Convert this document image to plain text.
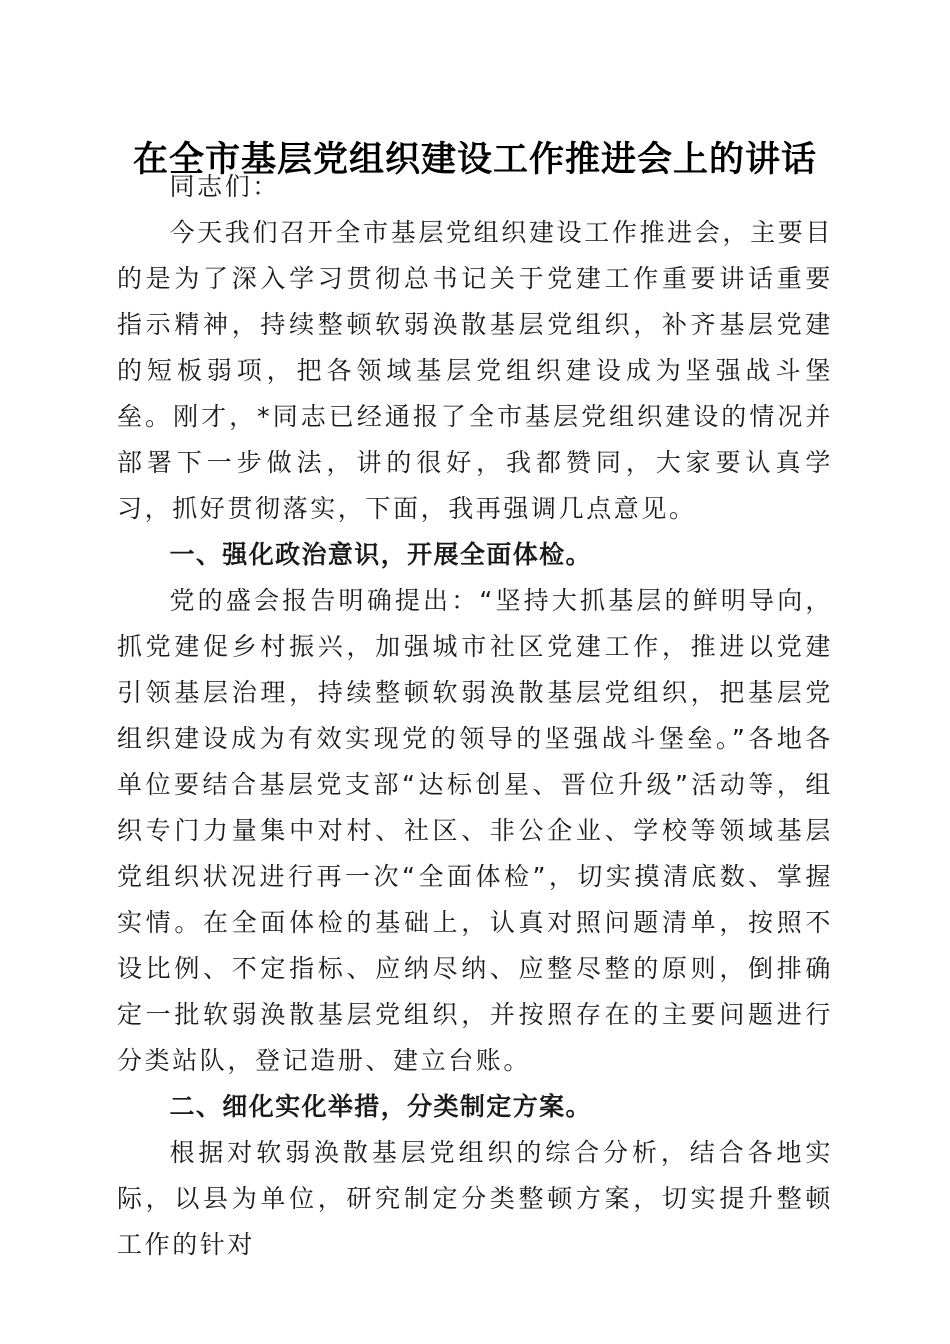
在全市基层党组织建设工作推进会上的讲话

同志们：

今天我们召开全市基层党组织建设工作推进会，主要目的是为了深入学习贯彻总书记关于党建工作重要讲话重要指示精神，持续整顿软弱涣散基层党组织，补齐基层党建的短板弱项，把各领域基层党组织建设成为坚强战斗堡垒。刚才，*同志已经通报了全市基层党组织建设的情况并部署下一步做法，讲的很好，我都赞同，大家要认真学习，抓好贯彻落实，下面，我再强调几点意见。

一、强化政治意识，开展全面体检。

党的盛会报告明确提出：“坚持大抓基层的鲜明导向，抓党建促乡村振兴，加强城市社区党建工作，推进以党建引领基层治理，持续整顿软弱涣散基层党组织，把基层党组织建设成为有效实现党的领导的坚强战斗堡垒。”各地各单位要结合基层党支部“达标创星、晋位升级”活动等，组织专门力量集中对村、社区、非公企业、学校等领域基层党组织状况进行再一次“全面体检”，切实摸清底数、掌握实情。在全面体检的基础上，认真对照问题清单，按照不设比例、不定指标、应纳尽纳、应整尽整的原则，倒排确定一批软弱涣散基层党组织，并按照存在的主要问题进行分类站队，登记造册、建立台账。

二、细化实化举措，分类制定方案。

根据对软弱涣散基层党组织的综合分析，结合各地实际，以县为单位，研究制定分类整顿方案，切实提升整顿工作的针对
